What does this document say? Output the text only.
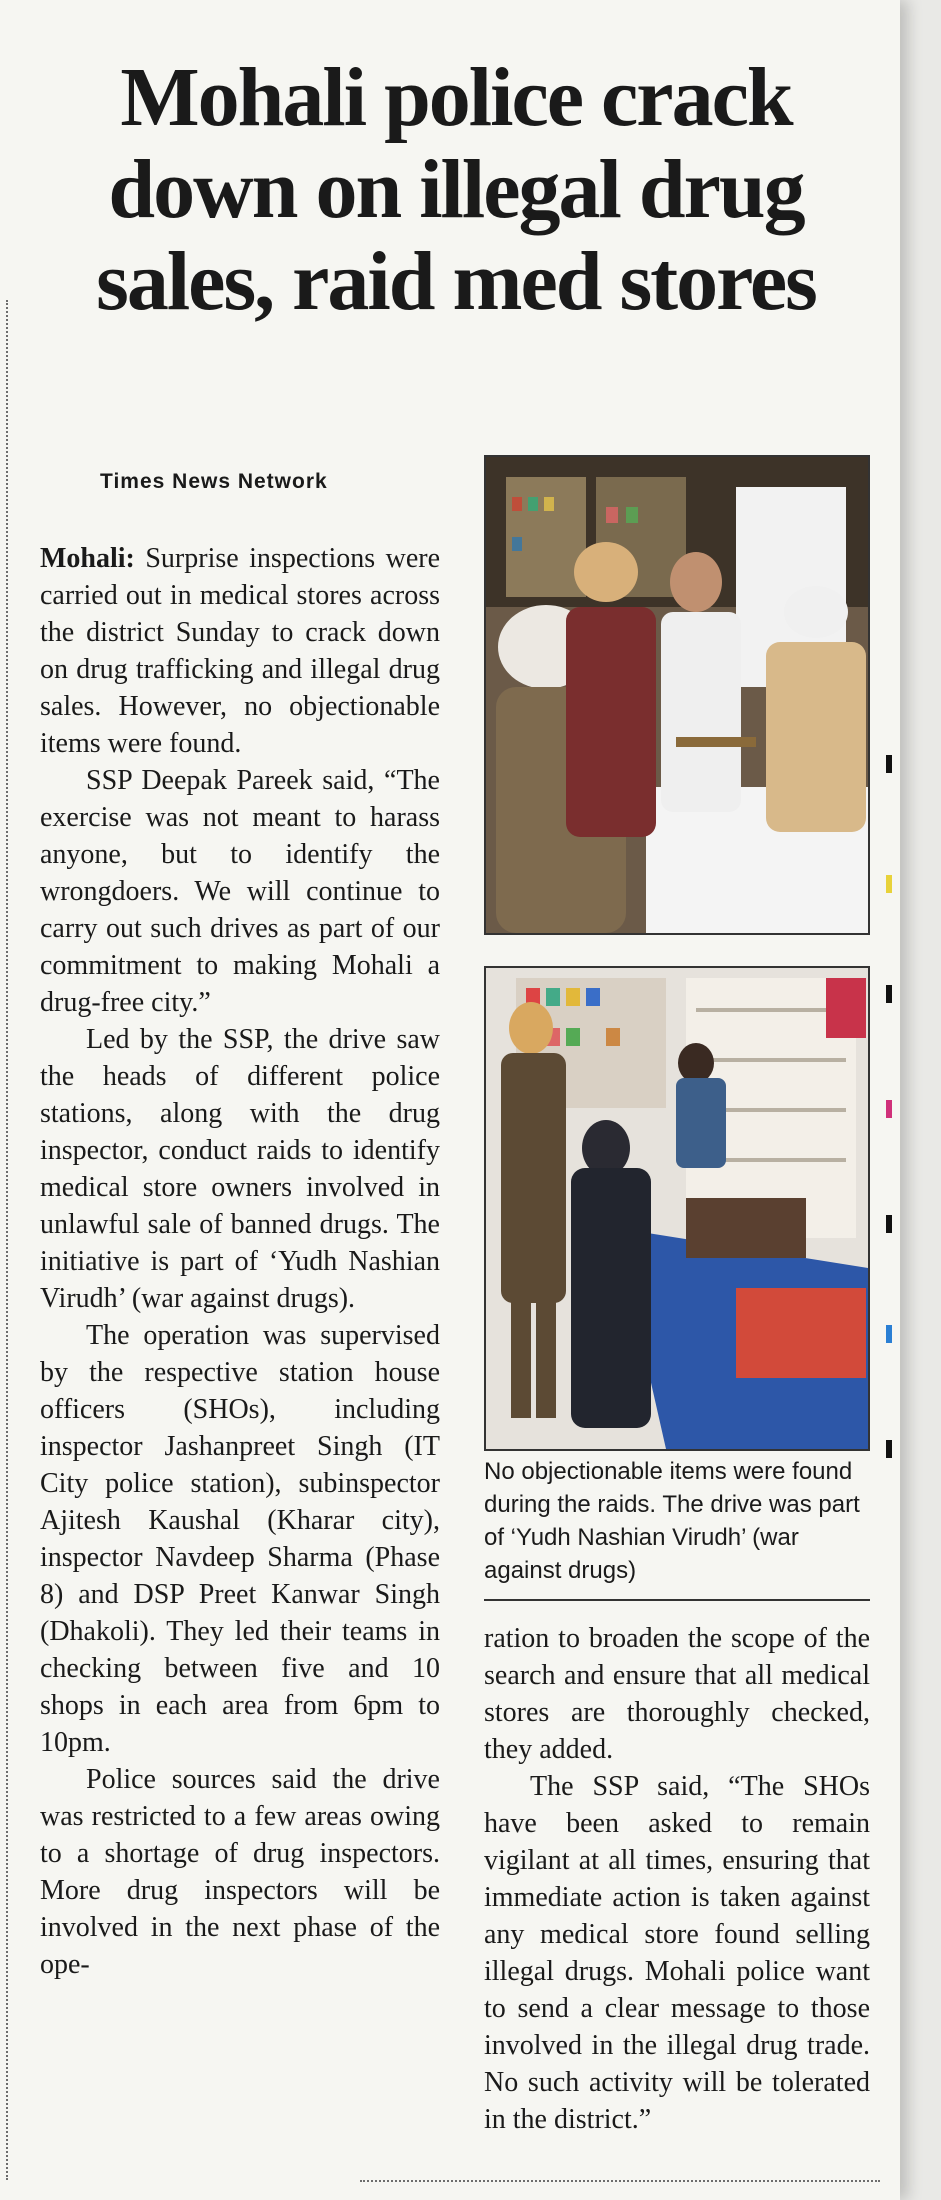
Mohali police crack down on illegal drug sales, raid med stores
Times News Network

Mohali: Surprise inspections were carried out in medical stores across the district Sunday to crack down on drug trafficking and illegal drug sales. However, no objectionable items were found.

SSP Deepak Pareek said, “The exercise was not meant to harass anyone, but to identify the wrongdoers. We will continue to carry out such drives as part of our commitment to making Mohali a drug-free city.”

Led by the SSP, the drive saw the heads of different police stations, along with the drug inspector, conduct raids to identify medical store owners involved in unlawful sale of banned drugs. The initiative is part of ‘Yudh Nashian Virudh’ (war against drugs).

The operation was supervised by the respective station house officers (SHOs), including inspector Jashanpreet Singh (IT City police station), subinspector Ajitesh Kaushal (Kharar city), inspector Navdeep Sharma (Phase 8) and DSP Preet Kanwar Singh (Dhakoli). They led their teams in checking between five and 10 shops in each area from 6pm to 10pm.

Police sources said the drive was restricted to a few areas owing to a shortage of drug inspectors. More drug inspectors will be involved in the next phase of the ope-

No objectionable items were found during the raids. The drive was part of ‘Yudh Nashian Virudh’ (war against drugs)

ration to broaden the scope of the search and ensure that all medical stores are thoroughly checked, they added.

The SSP said, “The SHOs have been asked to remain vigilant at all times, ensuring that immediate action is taken against any medical store found selling illegal drugs. Mohali police want to send a clear message to those involved in the illegal drug trade. No such activity will be tolerated in the district.”
